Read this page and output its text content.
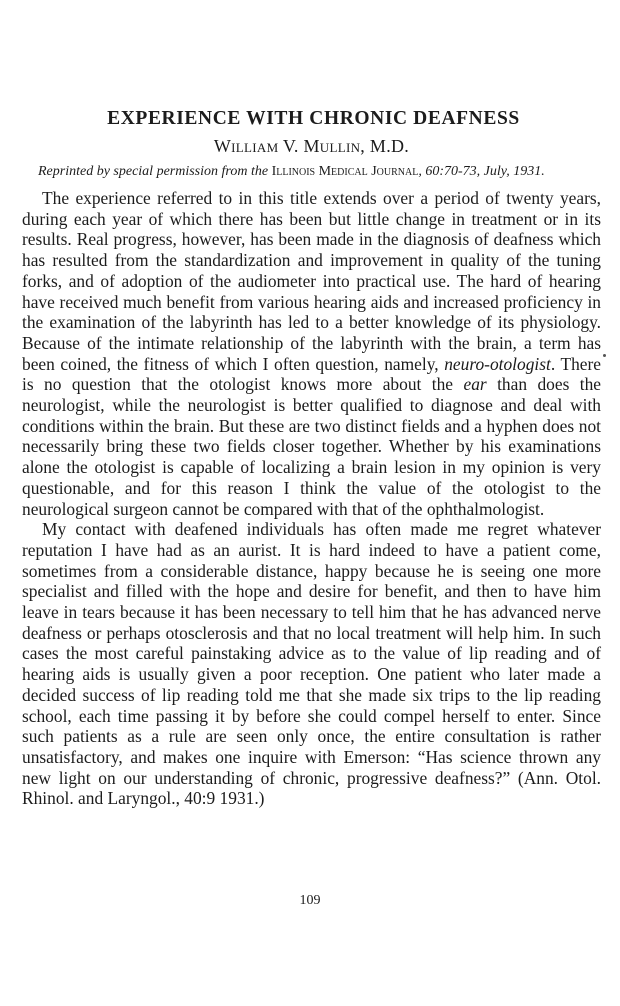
EXPERIENCE WITH CHRONIC DEAFNESS
William V. Mullin, M.D.

Reprinted by special permission from the Illinois Medical Journal, 60:70-73, July, 1931.

The experience referred to in this title extends over a period of twenty years, during each year of which there has been but little change in treatment or in its results. Real progress, however, has been made in the diagnosis of deafness which has resulted from the standardization and improvement in quality of the tuning forks, and of adoption of the audiometer into practical use. The hard of hearing have received much benefit from various hearing aids and increased proficiency in the examination of the labyrinth has led to a better knowledge of its physiology. Because of the intimate relationship of the labyrinth with the brain, a term has been coined, the fitness of which I often question, namely, neuro-otologist. There is no question that the otologist knows more about the ear than does the neurologist, while the neurologist is better qualified to diagnose and deal with conditions within the brain. But these are two distinct fields and a hyphen does not necessarily bring these two fields closer together. Whether by his examinations alone the otologist is capable of localizing a brain lesion in my opinion is very questionable, and for this reason I think the value of the otologist to the neurological surgeon cannot be compared with that of the ophthalmologist.

My contact with deafened individuals has often made me regret whatever reputation I have had as an aurist. It is hard indeed to have a patient come, sometimes from a considerable distance, happy because he is seeing one more specialist and filled with the hope and desire for benefit, and then to have him leave in tears because it has been necessary to tell him that he has advanced nerve deafness or perhaps otosclerosis and that no local treatment will help him. In such cases the most careful painstaking advice as to the value of lip reading and of hearing aids is usually given a poor reception. One patient who later made a decided success of lip reading told me that she made six trips to the lip reading school, each time passing it by before she could compel herself to enter. Since such patients as a rule are seen only once, the entire consultation is rather unsatisfactory, and makes one inquire with Emerson: “Has science thrown any new light on our understanding of chronic, progressive deafness?” (Ann. Otol. Rhinol. and Laryngol., 40:9 1931.)

109
